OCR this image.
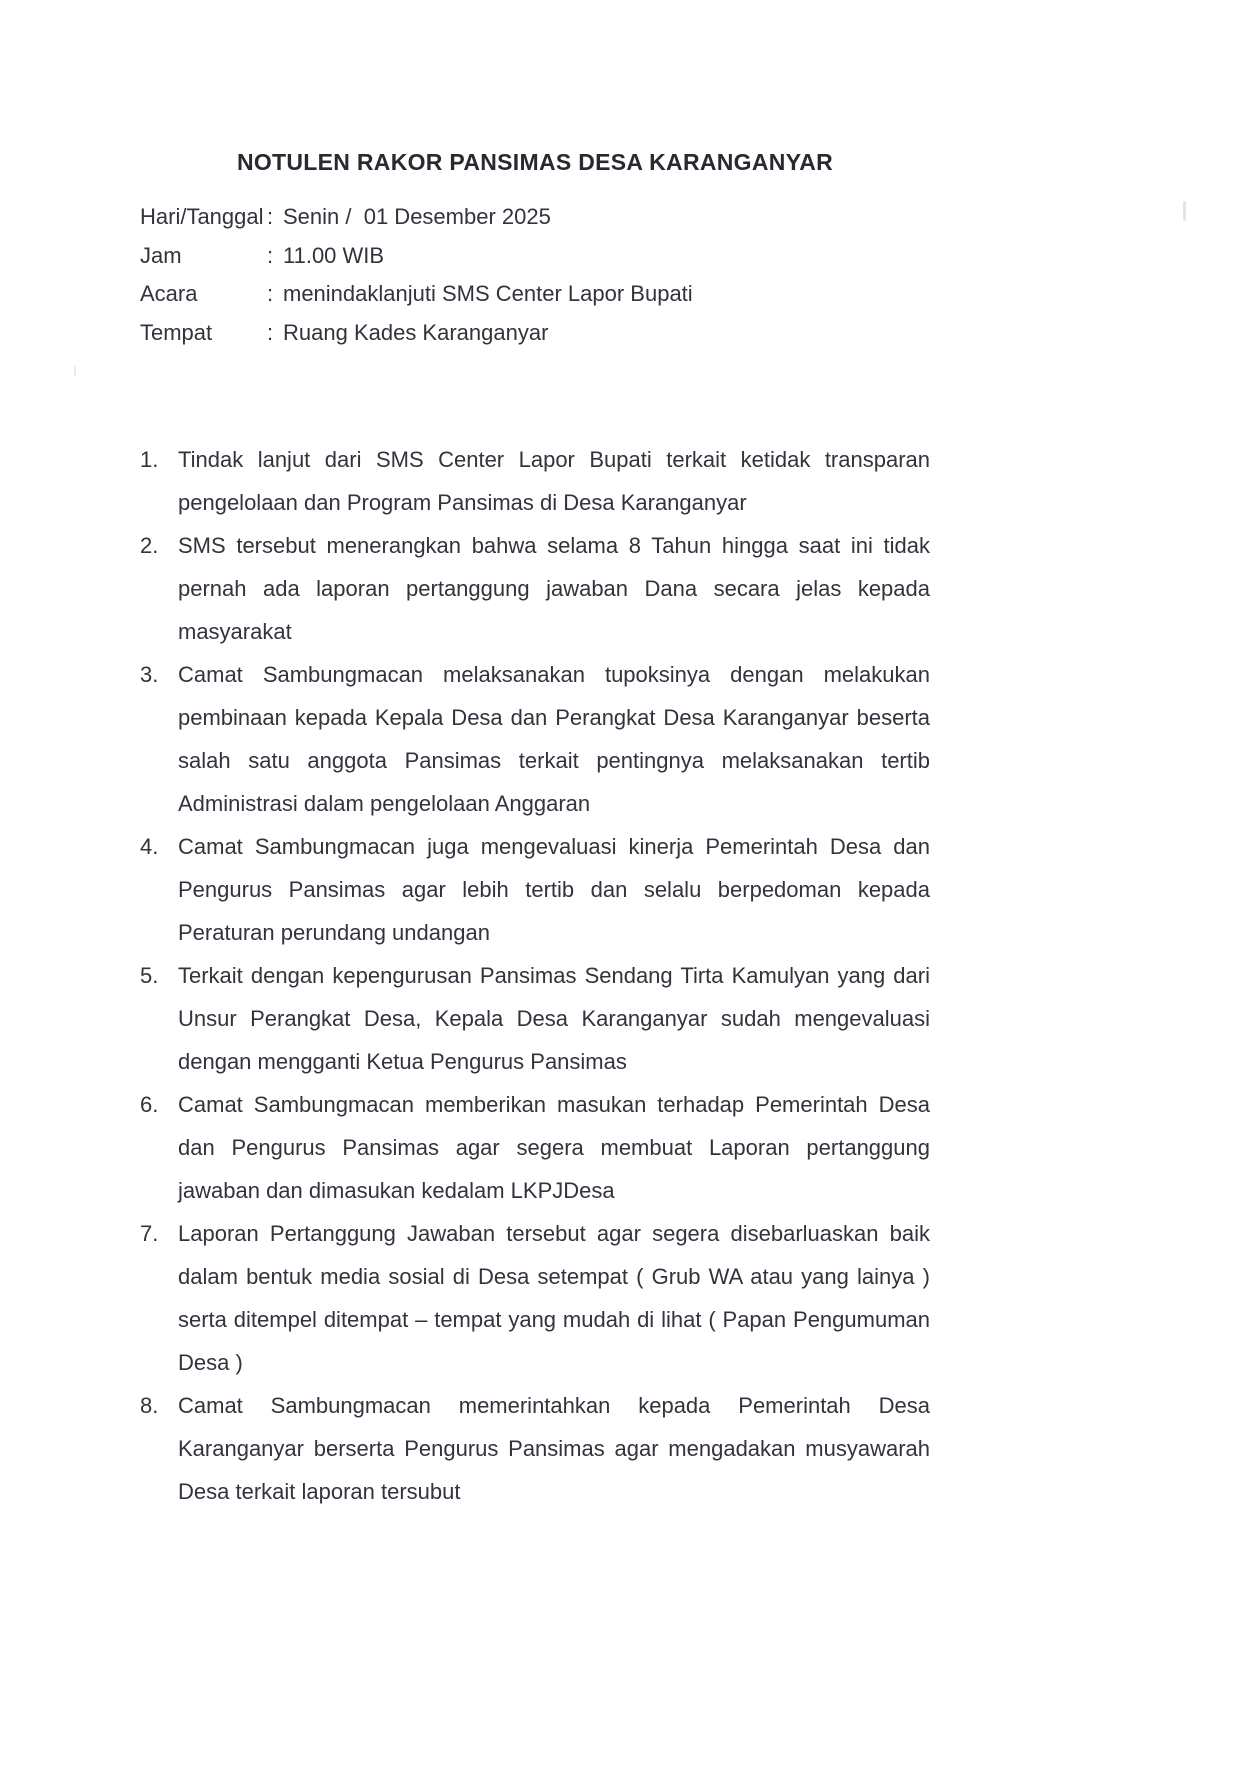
NOTULEN RAKOR PANSIMAS DESA KARANGANYAR
Hari/Tanggal : Senin /  01 Desember 2025
Jam	: 11.00 WIB
Acara	: menindaklanjuti SMS Center Lapor Bupati
Tempat	: Ruang Kades Karanganyar
1. Tindak lanjut dari SMS Center Lapor Bupati terkait ketidak transparan pengelolaan dan Program Pansimas di Desa Karanganyar
2. SMS tersebut menerangkan bahwa selama 8 Tahun hingga saat ini tidak pernah ada laporan pertanggung jawaban Dana secara jelas kepada masyarakat
3. Camat Sambungmacan melaksanakan tupoksinya dengan melakukan pembinaan kepada Kepala Desa dan Perangkat Desa Karanganyar beserta salah satu anggota Pansimas terkait pentingnya melaksanakan tertib Administrasi dalam pengelolaan Anggaran
4. Camat Sambungmacan juga mengevaluasi kinerja Pemerintah Desa dan Pengurus Pansimas agar lebih tertib dan selalu berpedoman kepada Peraturan perundang undangan
5. Terkait dengan kepengurusan Pansimas Sendang Tirta Kamulyan yang dari Unsur Perangkat Desa, Kepala Desa Karanganyar sudah mengevaluasi dengan mengganti Ketua Pengurus Pansimas
6. Camat Sambungmacan memberikan masukan terhadap Pemerintah Desa dan Pengurus Pansimas agar segera membuat Laporan pertanggung jawaban dan dimasukan kedalam LKPJDesa
7. Laporan Pertanggung Jawaban tersebut agar segera disebarluaskan baik dalam bentuk media sosial di Desa setempat ( Grub WA atau yang lainya ) serta ditempel ditempat – tempat yang mudah di lihat ( Papan Pengumuman Desa )
8. Camat Sambungmacan memerintahkan kepada Pemerintah Desa Karanganyar berserta Pengurus Pansimas agar mengadakan musyawarah Desa terkait laporan tersubut
